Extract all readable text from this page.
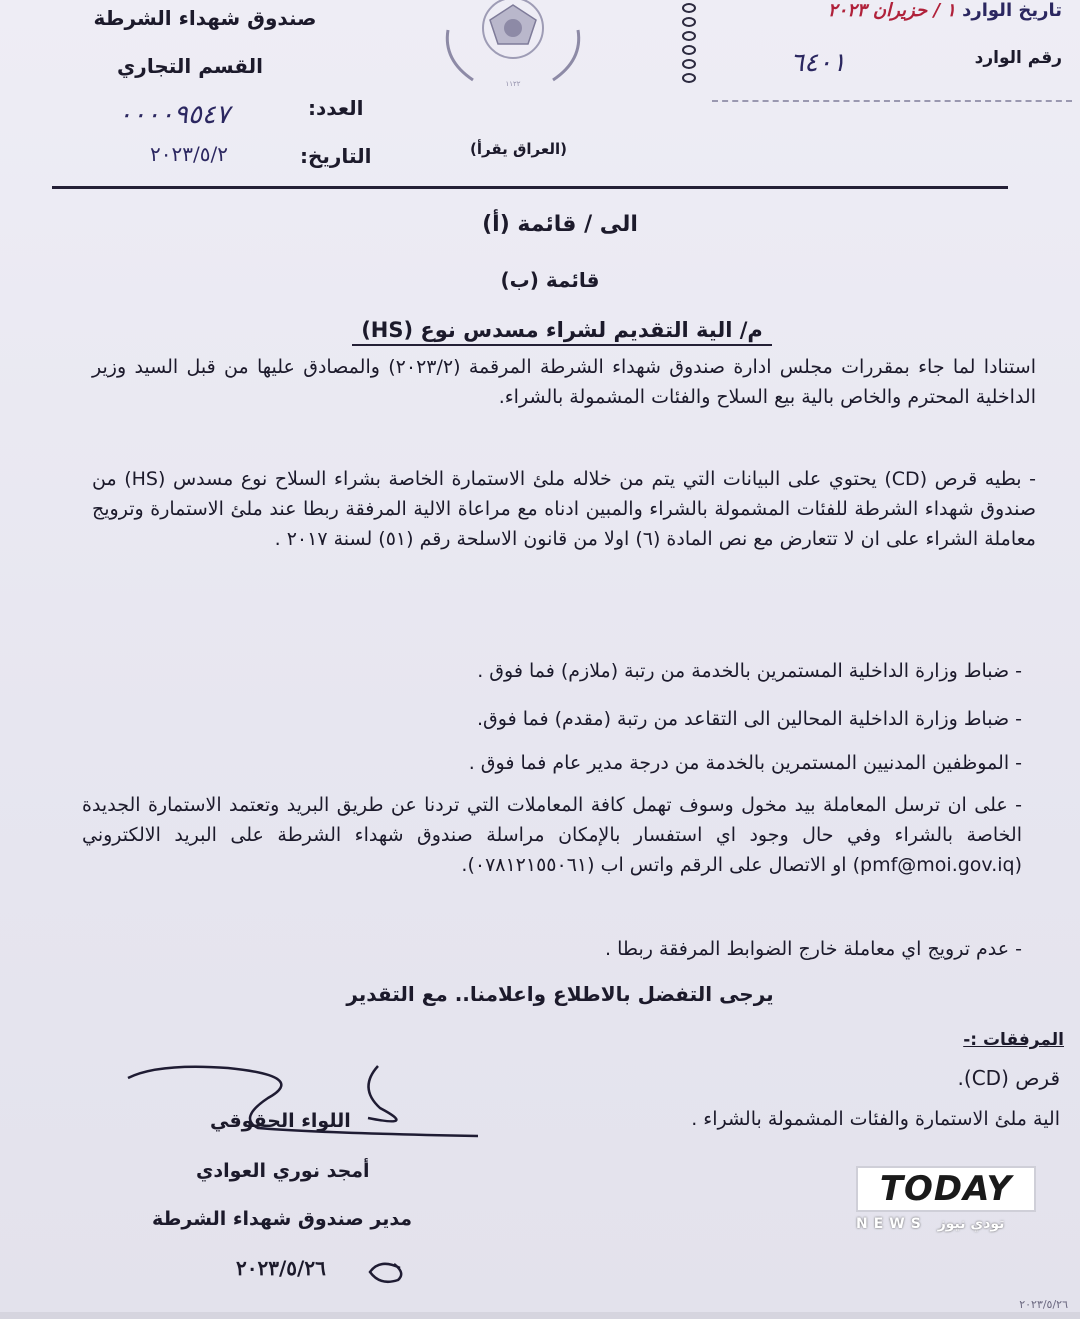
صندوق شهداء الشرطة
القسم التجاري
العدد:
٠٠٠٠٩٥٤٧
التاريخ:
٢٠٢٣/٥/٢	(العراق يقرأ)
١١٢٢
تاريخ الوارد ١ / حزيران ٢٠٢٣
رقم الوارد
٦٤٠١
الى / قائمة (أ)
قائمة (ب)
م/ الية التقديم لشراء مسدس نوع (HS)
استنادا لما جاء بمقررات مجلس ادارة صندوق شهداء الشرطة المرقمة (٢٠٢٣/٢) والمصادق عليها من قبل السيد وزير الداخلية المحترم والخاص بالية بيع السلاح والفئات المشمولة بالشراء.
- بطيه قرص (CD) يحتوي على البيانات التي يتم من خلاله ملئ الاستمارة الخاصة بشراء السلاح نوع مسدس (HS) من صندوق شهداء الشرطة للفئات المشمولة بالشراء والمبين ادناه مع مراعاة الالية المرفقة ربطا عند ملئ الاستمارة وترويج معاملة الشراء على ان لا تتعارض مع نص المادة (٦) اولا من قانون الاسلحة رقم (٥١) لسنة ٢٠١٧ .
- ضباط وزارة الداخلية المستمرين بالخدمة من رتبة (ملازم) فما فوق .
- ضباط وزارة الداخلية المحالين الى التقاعد من رتبة (مقدم) فما فوق.
- الموظفين المدنيين المستمرين بالخدمة من درجة مدير عام فما فوق .
- على ان ترسل المعاملة بيد مخول وسوف تهمل كافة المعاملات التي تردنا عن طريق البريد وتعتمد الاستمارة الجديدة الخاصة بالشراء وفي حال وجود اي استفسار بالإمكان مراسلة صندوق شهداء الشرطة على البريد الالكتروني (pmf@moi.gov.iq) او الاتصال على الرقم واتس اب (٠٧٨١٢١٥٥٠٦١).
- عدم ترويج اي معاملة خارج الضوابط المرفقة ربطا .
يرجى التفضل بالاطلاع واعلامنا.. مع التقدير
المرفقات :-
قرص (CD).
الية ملئ الاستمارة والفئات المشمولة بالشراء .
اللواء الحقوقي
أمجد نوري العوادي
مدير صندوق شهداء الشرطة
٢٠٢٣/٥/٢٦
TODAY
NEWS تودي نيوز
٢٠٢٣/٥/٢٦
